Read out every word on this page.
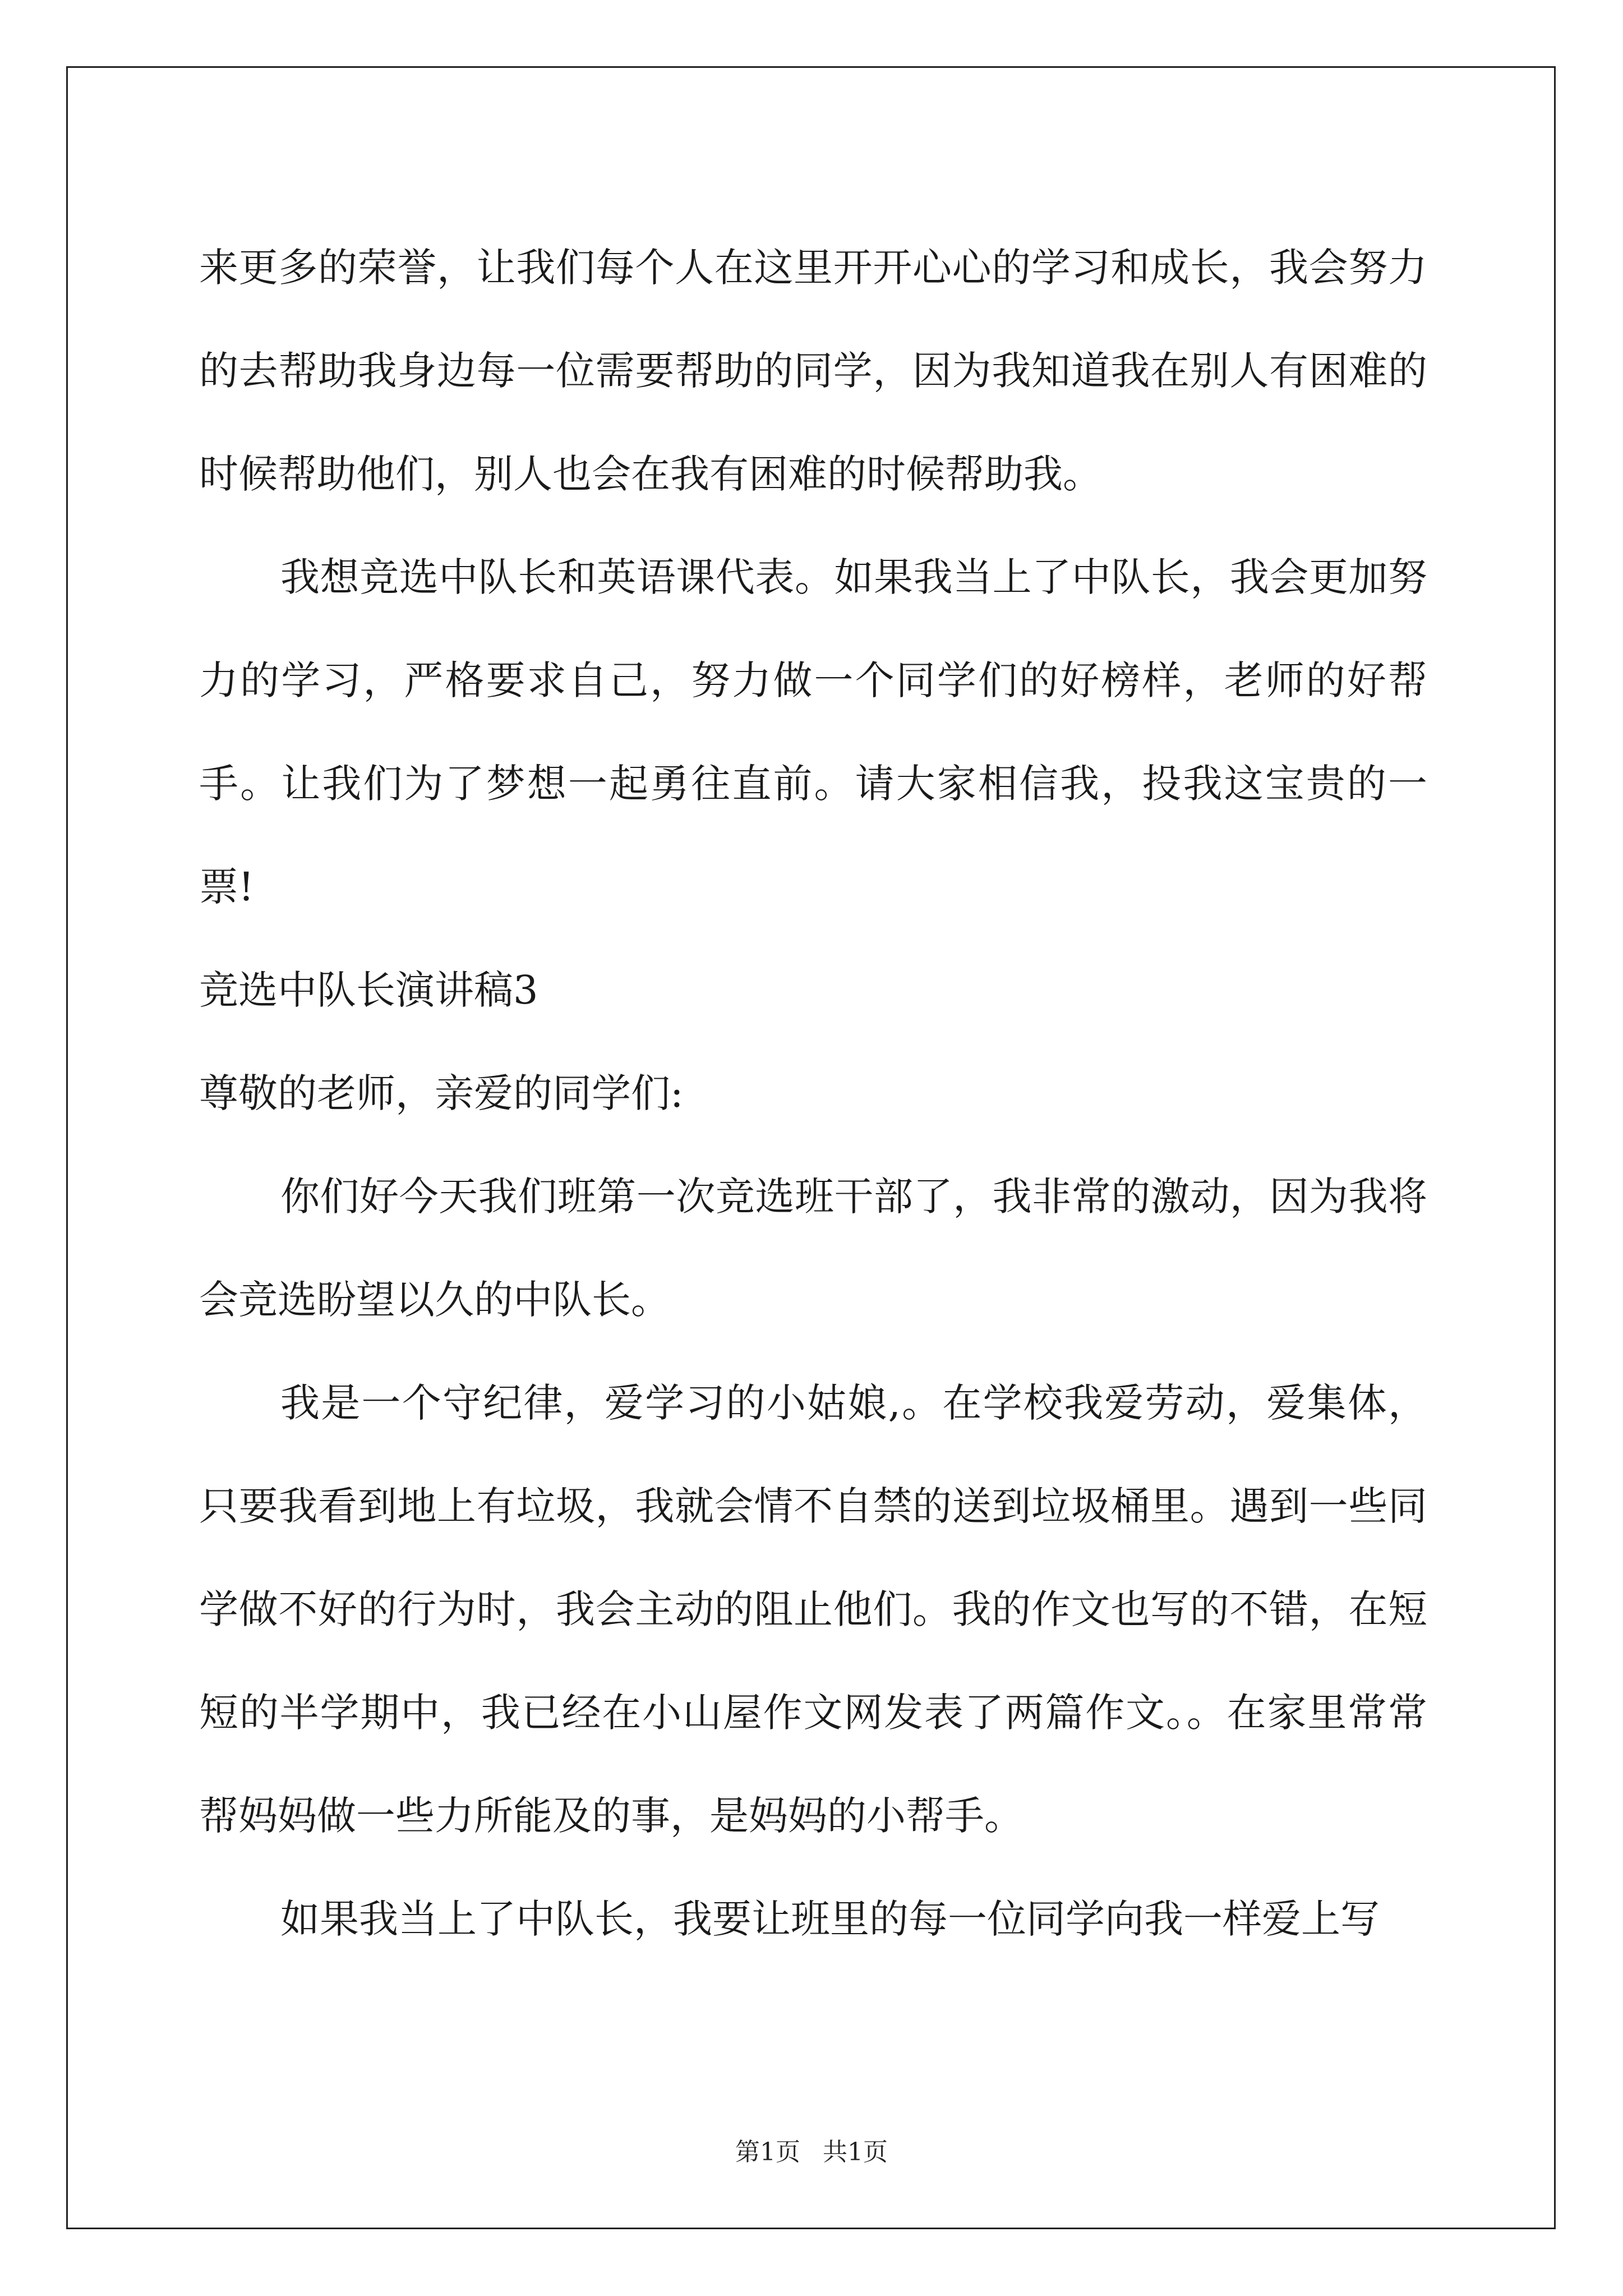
来更多的荣誉，让我们每个人在这里开开心心的学习和成长，我会努力的去帮助我身边每一位需要帮助的同学，因为我知道我在别人有困难的时候帮助他们，别人也会在我有困难的时候帮助我。

我想竞选中队长和英语课代表。如果我当上了中队长，我会更加努力的学习，严格要求自己，努力做一个同学们的好榜样，老师的好帮手。让我们为了梦想一起勇往直前。请大家相信我，投我这宝贵的一票!

竞选中队长演讲稿3

尊敬的老师，亲爱的同学们:

你们好今天我们班第一次竞选班干部了，我非常的激动，因为我将会竞选盼望以久的中队长。

我是一个守纪律，爱学习的小姑娘,。在学校我爱劳动，爱集体，只要我看到地上有垃圾，我就会情不自禁的送到垃圾桶里。遇到一些同学做不好的行为时，我会主动的阻止他们。我的作文也写的不错，在短短的半学期中，我已经在小山屋作文网发表了两篇作文。。在家里常常帮妈妈做一些力所能及的事，是妈妈的小帮手。

如果我当上了中队长，我要让班里的每一位同学向我一样爱上写

第1页 共1页
